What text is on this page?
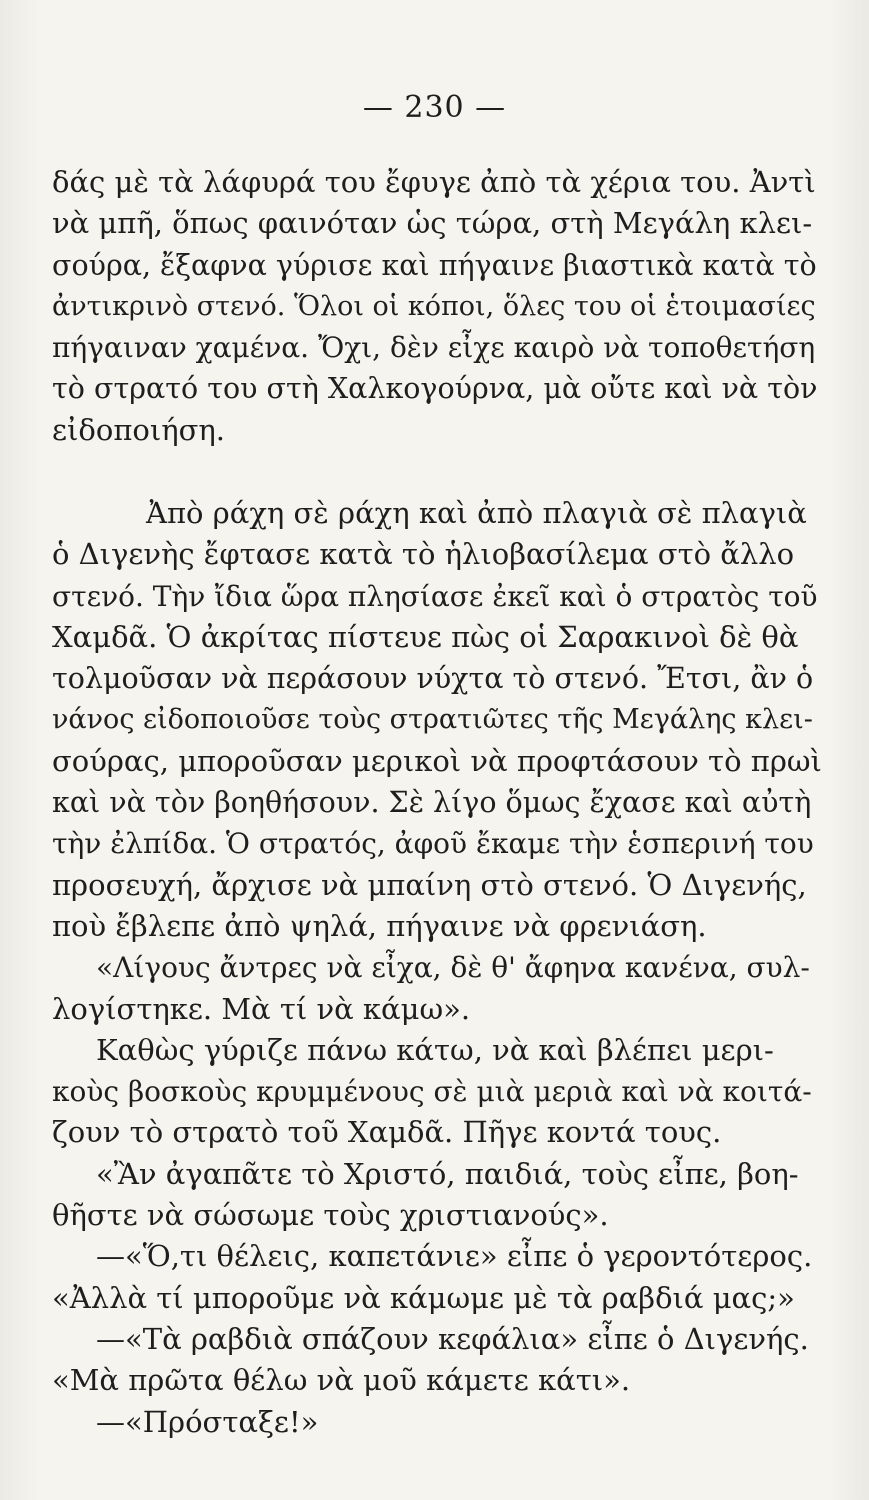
— 230 —
δάς μὲ τὰ λάφυρά του ἔφυγε ἀπὸ τὰ χέρια του. Ἀντὶ
νὰ μπῆ, ὅπως φαινόταν ὡς τώρα, στὴ Μεγάλη κλει-
σούρα, ἔξαφνα γύρισε καὶ πήγαινε βιαστικὰ κατὰ τὸ
ἀντικρινὸ στενό. Ὅλοι οἱ κόποι, ὅλες του οἱ ἑτοιμασίες
πήγαιναν χαμένα. Ὄχι, δὲν εἶχε καιρὸ νὰ τοποθετήση
τὸ στρατό του στὴ Χαλκογούρνα, μὰ οὔτε καὶ νὰ τὸν
εἰδοποιήση.
Ἀπὸ ράχη σὲ ράχη καὶ ἀπὸ πλαγιὰ σὲ πλαγιὰ
ὁ Διγενὴς ἔφτασε κατὰ τὸ ἡλιοβασίλεμα στὸ ἄλλο
στενό. Τὴν ἴδια ὥρα πλησίασε ἐκεῖ καὶ ὁ στρατὸς τοῦ
Χαμδᾶ. Ὁ ἀκρίτας πίστευε πὼς οἱ Σαρακινοὶ δὲ θὰ
τολμοῦσαν νὰ περάσουν νύχτα τὸ στενό. Ἔτσι, ἂν ὁ
νάνος εἰδοποιοῦσε τοὺς στρατιῶτες τῆς Μεγάλης κλει-
σούρας, μποροῦσαν μερικοὶ νὰ προφτάσουν τὸ πρωὶ
καὶ νὰ τὸν βοηθήσουν. Σὲ λίγο ὅμως ἔχασε καὶ αὐτὴ
τὴν ἐλπίδα. Ὁ στρατός, ἀφοῦ ἔκαμε τὴν ἑσπερινή του
προσευχή, ἄρχισε νὰ μπαίνη στὸ στενό. Ὁ Διγενής,
ποὺ ἔβλεπε ἀπὸ ψηλά, πήγαινε νὰ φρενιάση.
«Λίγους ἄντρες νὰ εἶχα, δὲ θ' ἄφηνα κανένα, συλ-
λογίστηκε. Μὰ τί νὰ κάμω».
Καθὼς γύριζε πάνω κάτω, νὰ καὶ βλέπει μερι-
κοὺς βοσκοὺς κρυμμένους σὲ μιὰ μεριὰ καὶ νὰ κοιτά-
ζουν τὸ στρατὸ τοῦ Χαμδᾶ. Πῆγε κοντά τους.
«Ἂν ἀγαπᾶτε τὸ Χριστό, παιδιά, τοὺς εἶπε, βοη-
θῆστε νὰ σώσωμε τοὺς χριστιανούς».
—«Ὅ,τι θέλεις, καπετάνιε» εἶπε ὁ γεροντότερος.
«Ἀλλὰ τί μποροῦμε νὰ κάμωμε μὲ τὰ ραβδιά μας;»
—«Τὰ ραβδιὰ σπάζουν κεφάλια» εἶπε ὁ Διγενής.
«Μὰ πρῶτα θέλω νὰ μοῦ κάμετε κάτι».
—«Πρόσταξε!»
